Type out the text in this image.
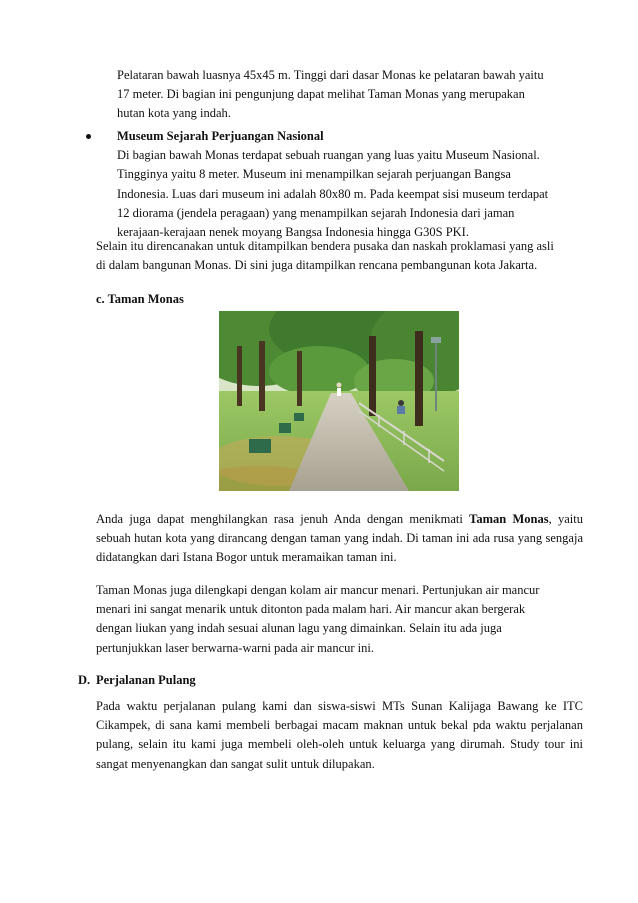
Pelataran bawah luasnya 45x45 m. Tinggi dari dasar Monas ke pelataran bawah yaitu

17 meter. Di bagian ini pengunjung dapat melihat Taman Monas yang merupakan

hutan kota yang indah.

Museum Sejarah Perjuangan Nasional

Di bagian bawah Monas terdapat sebuah ruangan yang luas yaitu Museum Nasional.

Tingginya yaitu 8 meter. Museum ini menampilkan sejarah perjuangan Bangsa

Indonesia. Luas dari museum ini adalah 80x80 m. Pada keempat sisi museum terdapat

12 diorama (jendela peragaan) yang menampilkan sejarah Indonesia dari jaman

kerajaan-kerajaan nenek moyang Bangsa Indonesia hingga G30S PKI.

Selain itu direncanakan untuk ditampilkan bendera pusaka dan naskah proklamasi yang asli

di dalam bangunan Monas. Di sini juga ditampilkan rencana pembangunan kota Jakarta.

c. Taman Monas
Anda juga dapat menghilangkan rasa jenuh Anda dengan menikmati Taman Monas, yaitu sebuah hutan kota yang dirancang dengan taman yang indah. Di taman ini ada rusa yang sengaja didatangkan dari Istana Bogor untuk meramaikan taman ini.

Taman Monas juga dilengkapi dengan kolam air mancur menari. Pertunjukan air mancur

menari ini sangat menarik untuk ditonton pada malam hari. Air mancur akan bergerak

dengan liukan yang indah sesuai alunan lagu yang dimainkan. Selain itu ada juga

pertunjukkan laser berwarna-warni pada air mancur ini.

D. Perjalanan Pulang
Pada waktu perjalanan pulang kami dan siswa-siswi MTs Sunan Kalijaga Bawang ke ITC Cikampek, di sana kami membeli berbagai macam maknan untuk bekal pda waktu perjalanan pulang, selain itu kami juga membeli oleh-oleh untuk keluarga yang dirumah. Study tour ini sangat menyenangkan dan sangat sulit untuk dilupakan.
